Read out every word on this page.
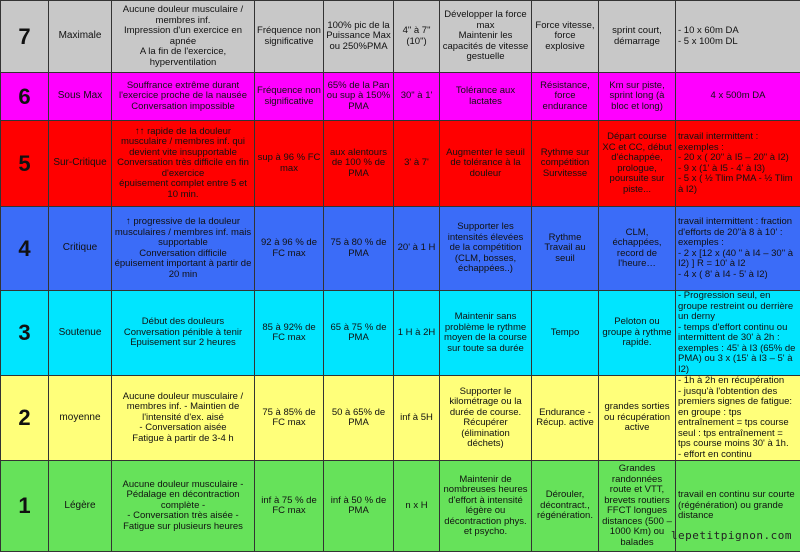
7	Maximale	Aucune douleur musculaire / membres inf.
Impression d'un exercice en apnée
A la fin de l'exercice, hyperventilation	Fréquence non significative	100% pic de la Puissance Max ou 250%PMA	4" à 7" (10")	Développer la force max
Maintenir les capacités de vitesse gestuelle	Force vitesse, force explosive	sprint court, démarrage	- 10 x 60m DA
- 5 x 100m DL
6	Sous Max	Souffrance extrême durant l'exercice proche de la nausée
Conversation impossible	Fréquence non significative	65% de la Pan ou sup à 150% PMA	30" à 1'	Tolérance aux lactates	Résistance, force endurance	Km sur piste, sprint long (à bloc et long)	4 x 500m DA
5	Sur-Critique	↑↑ rapide de la douleur musculaire / membres inf. qui devient vite insupportable
Conversation très difficile en fin d'exercice
épuisement complet entre 5 et 10 min.	sup à 96 % FC max	aux alentours de 100 % de PMA	3' à 7'	Augmenter le seuil de tolérance à la douleur	Rythme sur compétition Survitesse	Départ course XC et CC, début d'échappée, prologue, poursuite sur piste...	travail intermittent : exemples :
- 20 x ( 20" à I5 – 20" à I2)
- 9 x (1' à I5 - 4' à I3)
- 5 x ( ½ Tlim PMA - ½ Tlim à I2)
4	Critique	↑ progressive de la douleur musculaires / membres inf. mais supportable
Conversation difficile
épuisement important à partir de 20 min	92 à 96 % de FC max	75 à 80 % de PMA	20' à 1 H	Supporter les intensités élevées de la compétition (CLM, bosses, échappées..)	Rythme Travail au seuil	CLM, échappées, record de l'heure…	travail intermittent : fraction d'efforts de 20"à 8 à 10' : exemples :
- 2 x [12 x (40 " à I4 – 30" à I2) ] R = 10' à I2
- 4 x ( 8' à I4 - 5' à I2)
3	Soutenue	Début des douleurs
Conversation pénible à tenir
Epuisement sur 2 heures	85 à 92% de FC max	65 à 75 % de PMA	1 H à 2H	Maintenir sans problème le rythme moyen de la course sur toute sa durée	Tempo	Peloton ou groupe à rythme rapide.	- Progression seul, en groupe restreint ou derrière un derny
- temps d'effort continu ou intermittent de 30' à 2h : exemples : 45' à I3 (65% de PMA) ou 3 x (15' à I3 – 5' à I2)
2	moyenne	Aucune douleur musculaire / membres inf. - Maintien de l'intensité d'ex. aisé
- Conversation aisée
Fatigue à partir de 3-4 h	75 à 85% de FC max	50 à 65% de PMA	inf à 5H	Supporter le kilométrage ou la durée de course. Récupérer (élimination déchets)	Endurance - Récup. active	grandes sorties ou récupération active	- 1h à 2h en récupération
- jusqu'à l'obtention des premiers signes de fatigue: en groupe : tps entraînement = tps course
seul : tps entraînement = tps course moins 30' à 1h.
- effort en continu
1	Légère	Aucune douleur musculaire - Pédalage en décontraction complète -
- Conversation très aisée - Fatigue sur plusieurs heures	inf à 75 % de FC max	inf à 50 % de PMA	n x H	Maintenir de nombreuses heures d'effort à intensité légère ou décontraction phys. et psycho.	Dérouler, décontract., régénération.	Grandes randonnées route et VTT, brevets routiers FFCT longues distances (500 – 1000 Km) ou balades	travail en continu sur courte (régénération) ou grande distance
lepetitpignon.com
